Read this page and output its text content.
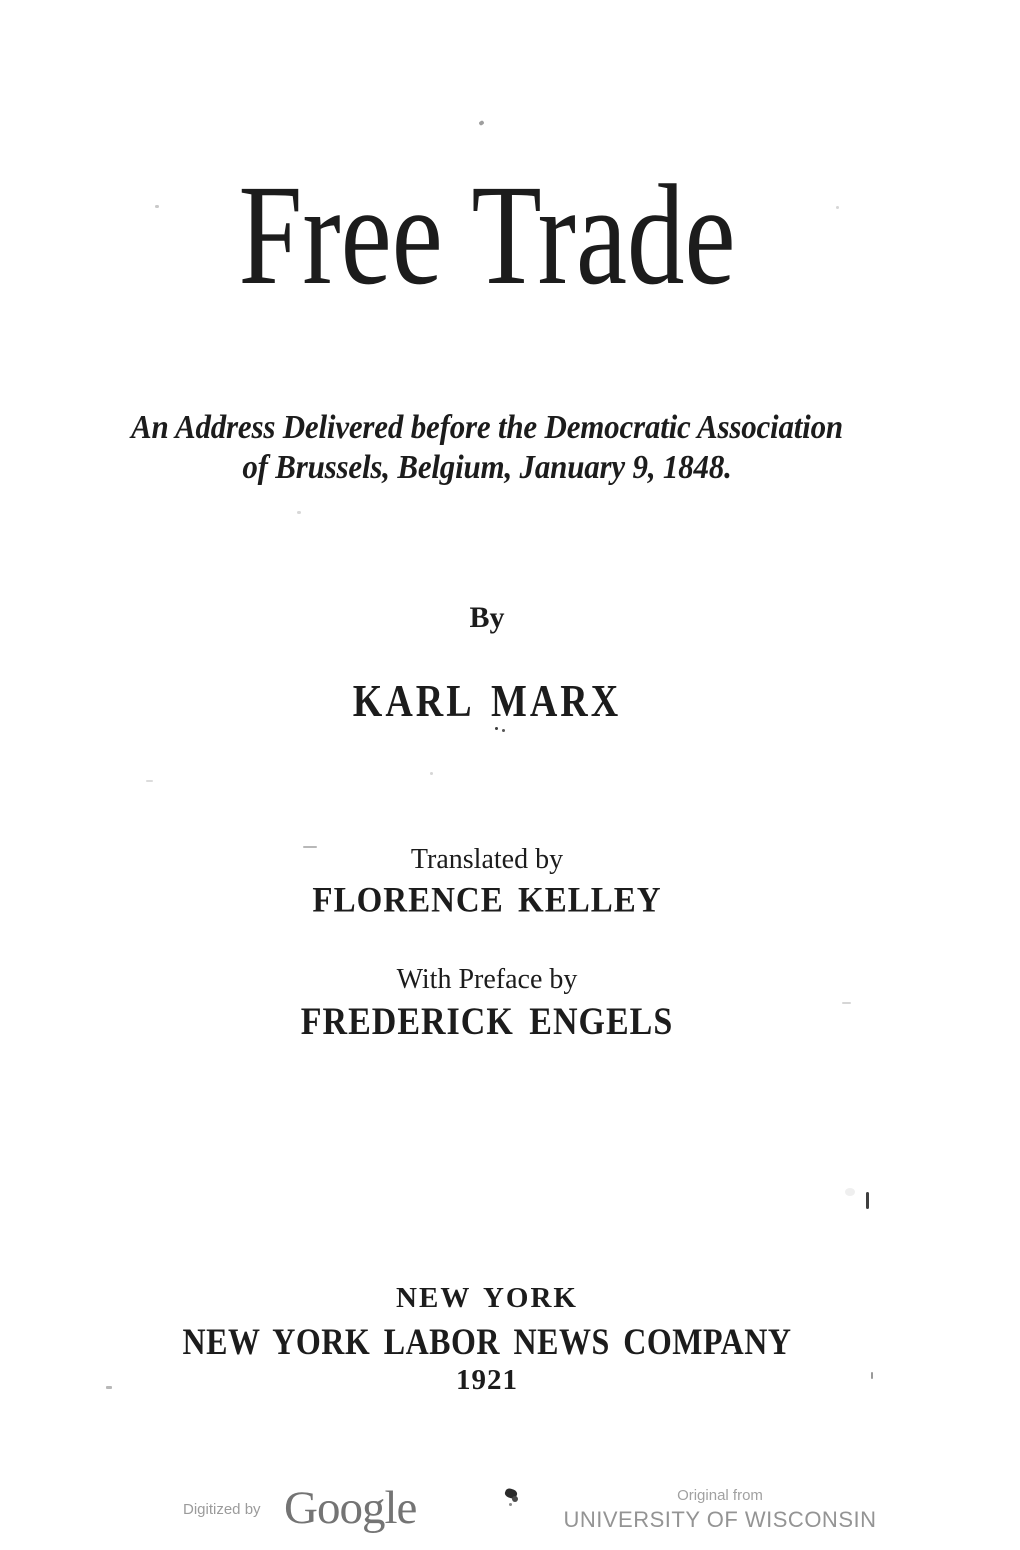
Free Trade
An Address Delivered before the Democratic Association
of Brussels, Belgium, January 9, 1848.
By
KARL MARX
Translated by
FLORENCE KELLEY
With Preface by
FREDERICK ENGELS
NEW YORK
NEW YORK LABOR NEWS COMPANY
1921
Digitized by Google	Original from
UNIVERSITY OF WISCONSIN
